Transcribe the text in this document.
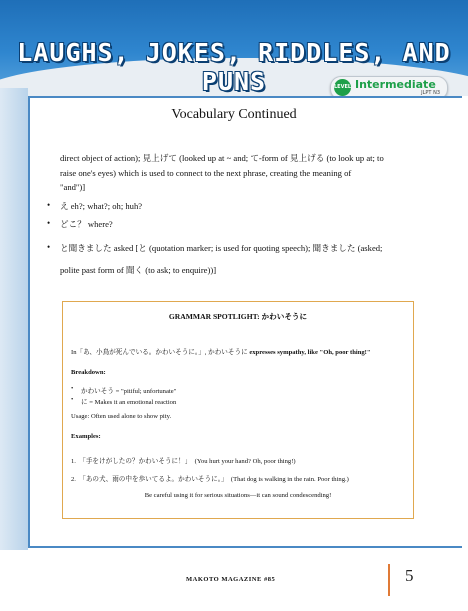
LAUGHS, JOKES, RIDDLES, AND PUNS	LEVEL Intermediate
JLPT N3
Vocabulary Continued
direct object of action); 見上げて (looked up at ~ and; て-form of 見上げる (to look up at; to
raise one's eyes) which is used to connect to the next phrase, creating the meaning of
"and")]
• え eh?; what?; oh; huh?
• どこ？ where?
• と聞きました asked [と (quotation marker; is used for quoting speech); 聞きました (asked;
polite past form of 聞く (to ask; to enquire))]
GRAMMAR SPOTLIGHT: かわいそうに
In「あ、小鳥が死んでいる。かわいそうに。」, かわいそうに expresses sympathy, like "Oh, poor thing!"
Breakdown:
• かわいそう = "pitiful; unfortunate"
• に = Makes it an emotional reaction
Usage: Often used alone to show pity.
Examples:
1. 「手をけがしたの？かわいそうに！」 (You hurt your hand? Oh, poor thing!)
2. 「あの犬、雨の中を歩いてるよ。かわいそうに。」 (That dog is walking in the rain. Poor thing.)
Be careful using it for serious situations—it can sound condescending!
MAKOTO MAGAZINE #85	5
